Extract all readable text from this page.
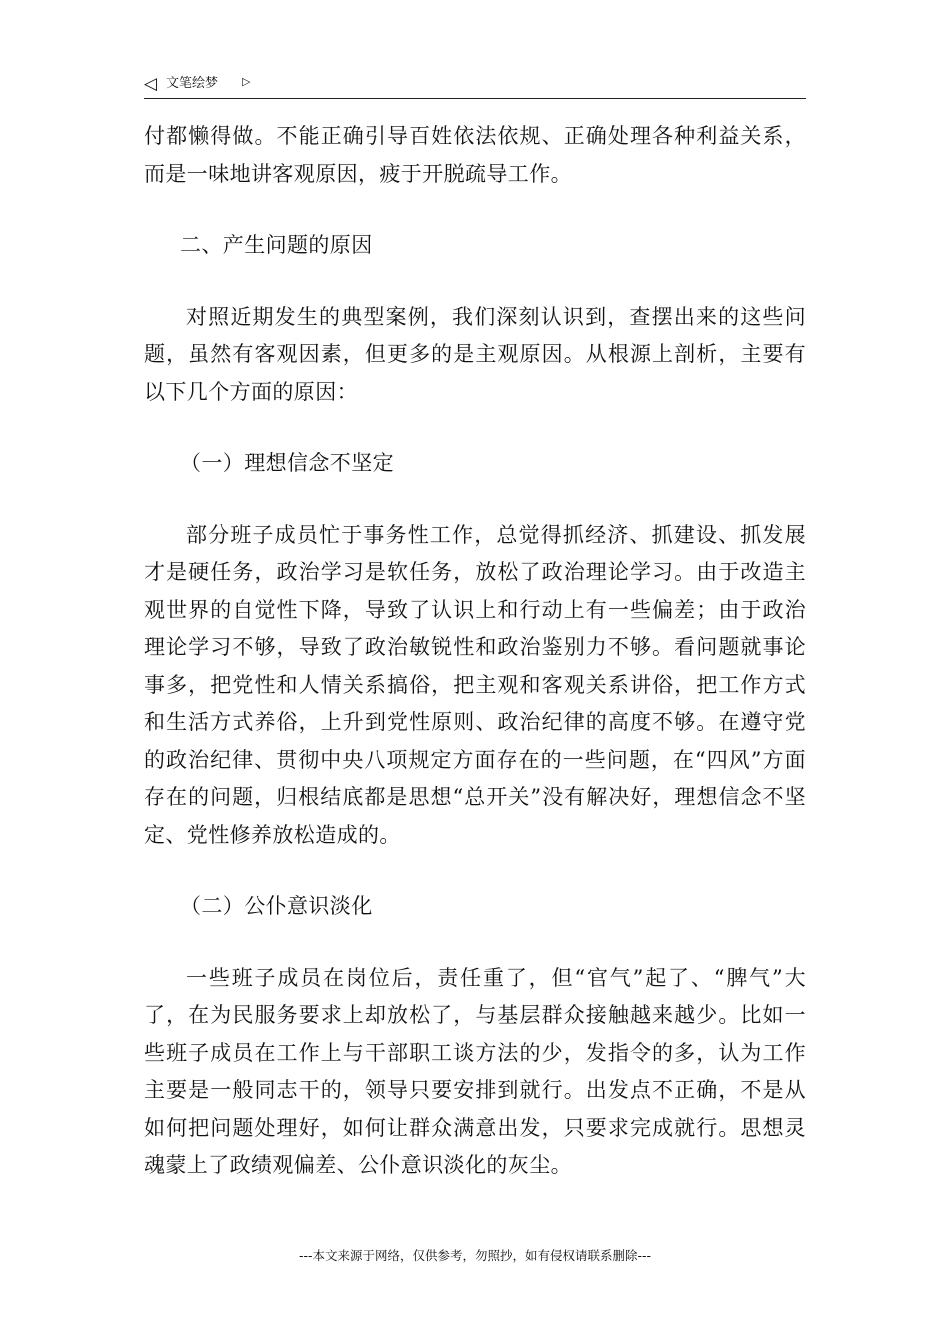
◁ 文笔绘梦 ▷

付都懒得做。不能正确引导百姓依法依规、正确处理各种利益关系，而是一味地讲客观原因，疲于开脱疏导工作。

二、产生问题的原因

对照近期发生的典型案例，我们深刻认识到，查摆出来的这些问题，虽然有客观因素，但更多的是主观原因。从根源上剖析，主要有以下几个方面的原因：

（一）理想信念不坚定

部分班子成员忙于事务性工作，总觉得抓经济、抓建设、抓发展才是硬任务，政治学习是软任务，放松了政治理论学习。由于改造主观世界的自觉性下降，导致了认识上和行动上有一些偏差；由于政治理论学习不够，导致了政治敏锐性和政治鉴别力不够。看问题就事论事多，把党性和人情关系搞俗，把主观和客观关系讲俗，把工作方式和生活方式养俗，上升到党性原则、政治纪律的高度不够。在遵守党的政治纪律、贯彻中央八项规定方面存在的一些问题，在“四风”方面存在的问题，归根结底都是思想“总开关”没有解决好，理想信念不坚定、党性修养放松造成的。

（二）公仆意识淡化

一些班子成员在岗位后，责任重了，但“官气”起了、“脾气”大了，在为民服务要求上却放松了，与基层群众接触越来越少。比如一些班子成员在工作上与干部职工谈方法的少，发指令的多，认为工作主要是一般同志干的，领导只要安排到就行。出发点不正确，不是从如何把问题处理好，如何让群众满意出发，只要求完成就行。思想灵魂蒙上了政绩观偏差、公仆意识淡化的灰尘。

---本文来源于网络，仅供参考，勿照抄，如有侵权请联系删除---
